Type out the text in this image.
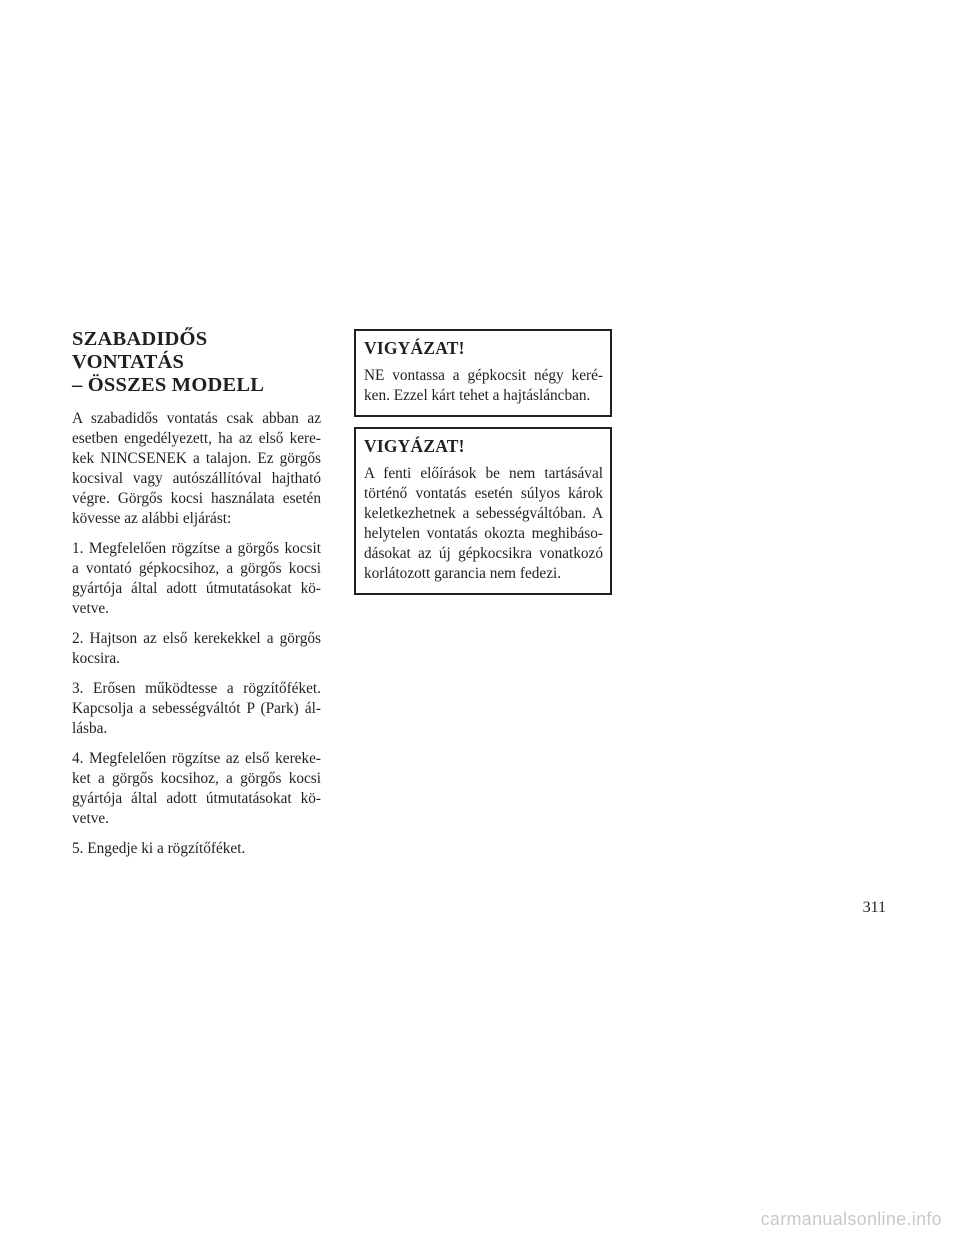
SZABADIDŐS VONTATÁS
– ÖSSZES MODELL

A szabadidős vontatás csak abban az esetben engedélyezett, ha az első kerekek NINCSENEK a talajon. Ez görgős kocsival vagy autószállítóval hajtható végre. Görgős kocsi használata esetén kövesse az alábbi eljárást:

1. Megfelelően rögzítse a görgős kocsit a vontató gépkocsihoz, a görgős kocsi gyártója által adott útmutatásokat követve.

2. Hajtson az első kerekekkel a görgős kocsira.

3. Erősen működtesse a rögzítőféket. Kapcsolja a sebességváltót P (Park) állásba.

4. Megfelelően rögzítse az első kerekeket a görgős kocsihoz, a görgős kocsi gyártója által adott útmutatásokat követve.

5. Engedje ki a rögzítőféket.

VIGYÁZAT!

NE vontassa a gépkocsit négy keréken. Ezzel kárt tehet a hajtásláncban.

VIGYÁZAT!

A fenti előírások be nem tartásával történő vontatás esetén súlyos károk keletkezhetnek a sebességváltóban. A helytelen vontatás okozta meghibásodásokat az új gépkocsikra vonatkozó korlátozott garancia nem fedezi.

311
carmanualsonline.info
